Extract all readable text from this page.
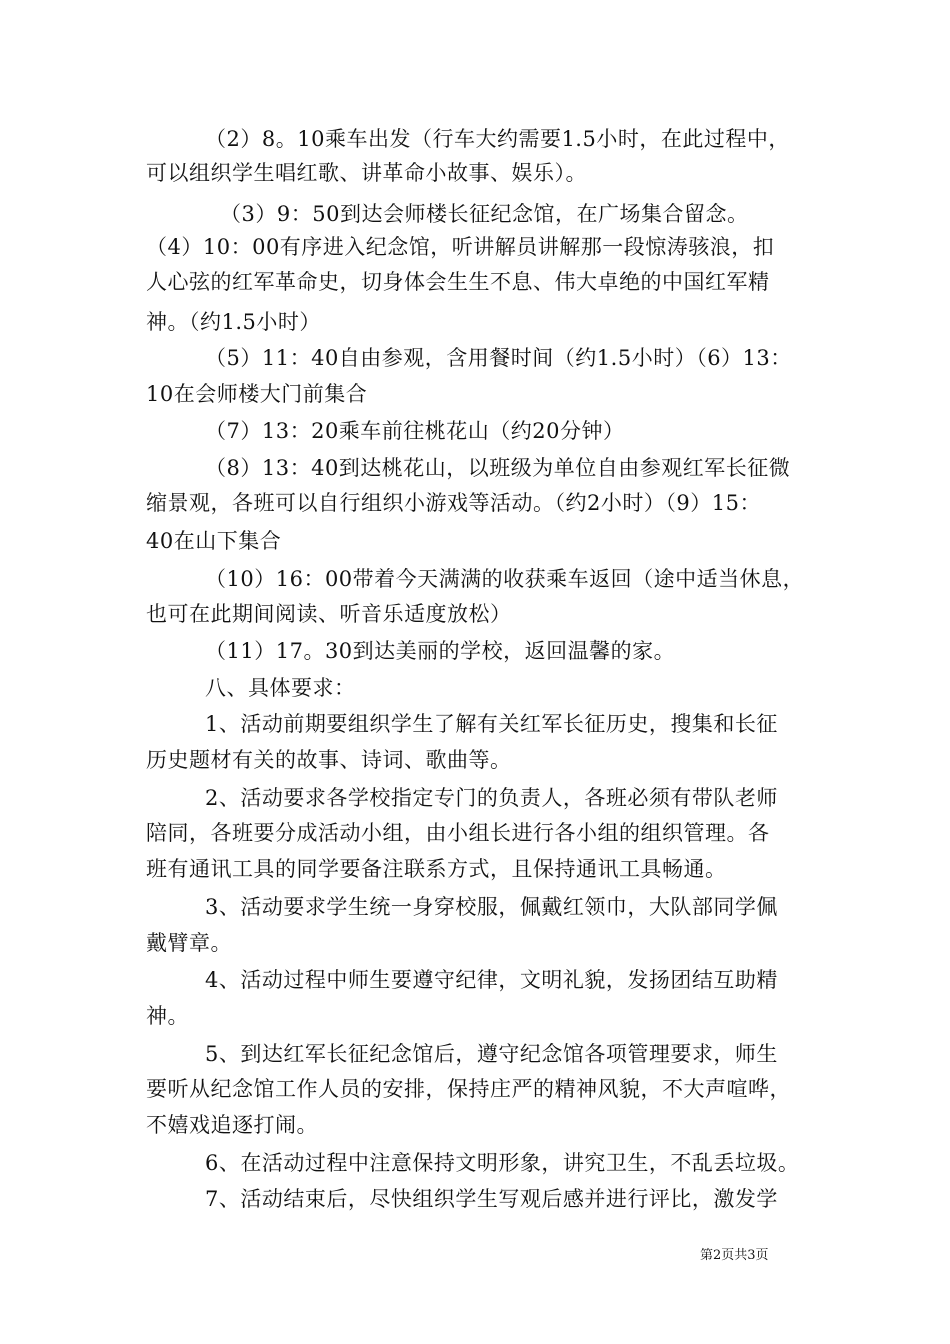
（2）8。10乘车出发（行车大约需要1.5小时，在此过程中，
可以组织学生唱红歌、讲革命小故事、娱乐）。
（3）9：50到达会师楼长征纪念馆，在广场集合留念。
（4）10：00有序进入纪念馆，听讲解员讲解那一段惊涛骇浪，扣
人心弦的红军革命史，切身体会生生不息、伟大卓绝的中国红军精
神。（约1.5小时）
（5）11：40自由参观，含用餐时间（约1.5小时）（6）13：
10在会师楼大门前集合
（7）13：20乘车前往桃花山（约20分钟）
（8）13：40到达桃花山，以班级为单位自由参观红军长征微
缩景观，各班可以自行组织小游戏等活动。（约2小时）（9）15：
40在山下集合
（10）16：00带着今天满满的收获乘车返回（途中适当休息，
也可在此期间阅读、听音乐适度放松）
（11）17。30到达美丽的学校，返回温馨的家。
八、具体要求：
1、活动前期要组织学生了解有关红军长征历史，搜集和长征
历史题材有关的故事、诗词、歌曲等。
2、活动要求各学校指定专门的负责人，各班必须有带队老师
陪同，各班要分成活动小组，由小组长进行各小组的组织管理。各
班有通讯工具的同学要备注联系方式，且保持通讯工具畅通。
3、活动要求学生统一身穿校服，佩戴红领巾，大队部同学佩
戴臂章。
4、活动过程中师生要遵守纪律，文明礼貌，发扬团结互助精
神。
5、到达红军长征纪念馆后，遵守纪念馆各项管理要求，师生
要听从纪念馆工作人员的安排，保持庄严的精神风貌，不大声喧哗，
不嬉戏追逐打闹。
6、在活动过程中注意保持文明形象，讲究卫生，不乱丢垃圾。
7、活动结束后，尽快组织学生写观后感并进行评比，激发学
第2页共3页
